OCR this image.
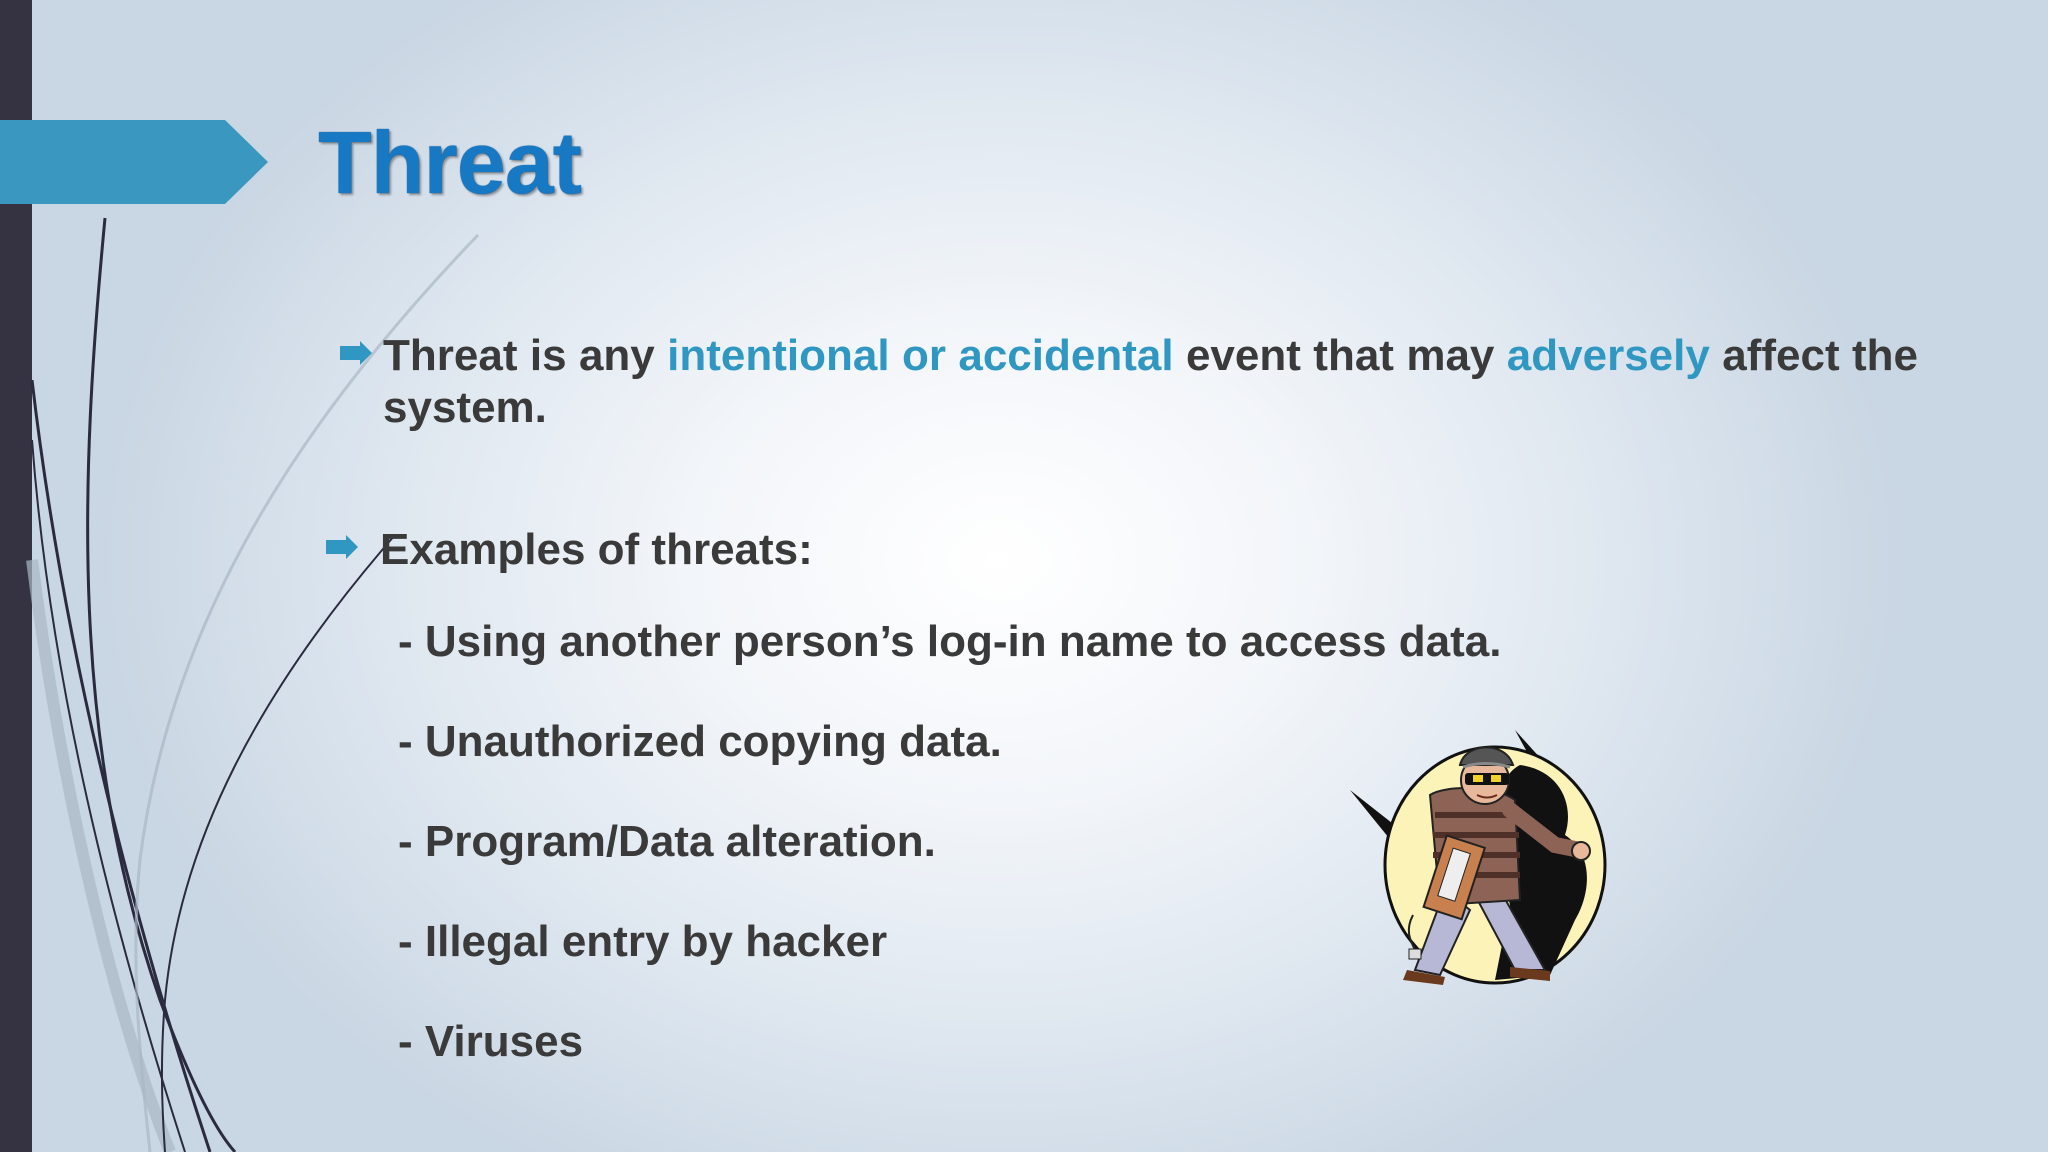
Threat
Threat is any intentional or accidental event that may adversely affect the system.
Examples of threats:
- Using another person’s log-in name to access data.
- Unauthorized copying data.
- Program/Data alteration.
- Illegal entry by hacker
- Viruses
